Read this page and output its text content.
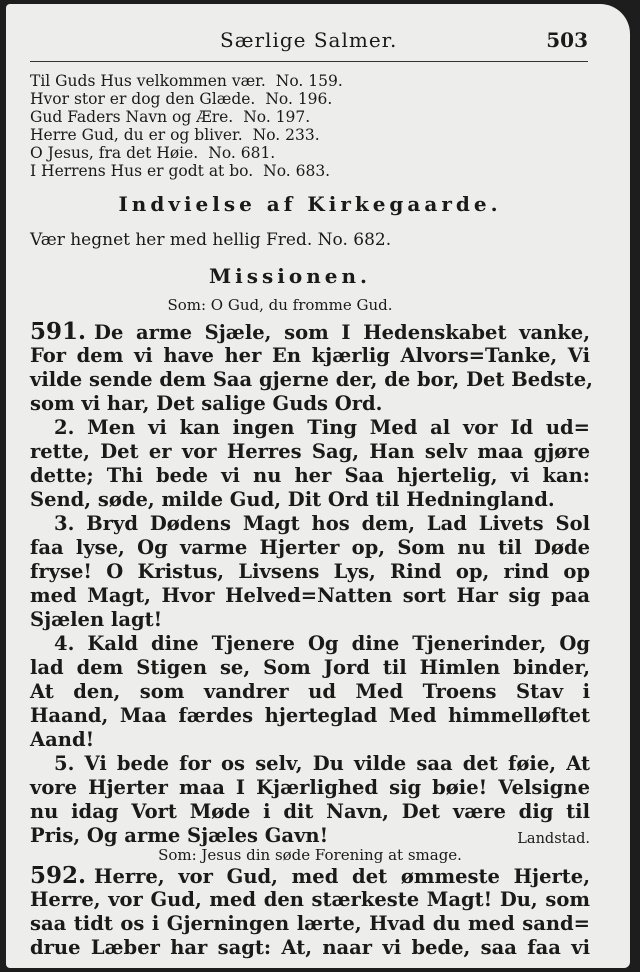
Særlige Salmer.	503
Til Guds Hus velkommen vær. No. 159.
Hvor stor er dog den Glæde. No. 196.
Gud Faders Navn og Ære. No. 197.
Herre Gud, du er og bliver. No. 233.
O Jesus, fra det Høie. No. 681.
I Herrens Hus er godt at bo. No. 683.
Indvielse af Kirkegaarde.
Vær hegnet her med hellig Fred. No. 682.
Missionen.
Som: O Gud, du fromme Gud.
591. De arme Sjæle, som I Hedenskabet vanke,
For dem vi have her En kjærlig Alvors=Tanke, Vi
vilde sende dem Saa gjerne der, de bor, Det Bedste,
som vi har, Det salige Guds Ord.
2. Men vi kan ingen Ting Med al vor Id ud=
rette, Det er vor Herres Sag, Han selv maa gjøre
dette; Thi bede vi nu her Saa hjertelig, vi kan:
Send, søde, milde Gud, Dit Ord til Hedningland.
3. Bryd Dødens Magt hos dem, Lad Livets Sol
faa lyse, Og varme Hjerter op, Som nu til Døde
fryse! O Kristus, Livsens Lys, Rind op, rind op
med Magt, Hvor Helved=Natten sort Har sig paa
Sjælen lagt!
4. Kald dine Tjenere Og dine Tjenerinder, Og
lad dem Stigen se, Som Jord til Himlen binder,
At den, som vandrer ud Med Troens Stav i
Haand, Maa færdes hjerteglad Med himmelløftet
Aand!
5. Vi bede for os selv, Du vilde saa det føie, At
vore Hjerter maa I Kjærlighed sig bøie! Velsigne
nu idag Vort Møde i dit Navn, Det være dig til
Pris, Og arme Sjæles Gavn!	Landstad.
Som: Jesus din søde Forening at smage.
592. Herre, vor Gud, med det ømmeste Hjerte,
Herre, vor Gud, med den stærkeste Magt! Du, som
saa tidt os i Gjerningen lærte, Hvad du med sand=
drue Læber har sagt: At, naar vi bede, saa faa vi
